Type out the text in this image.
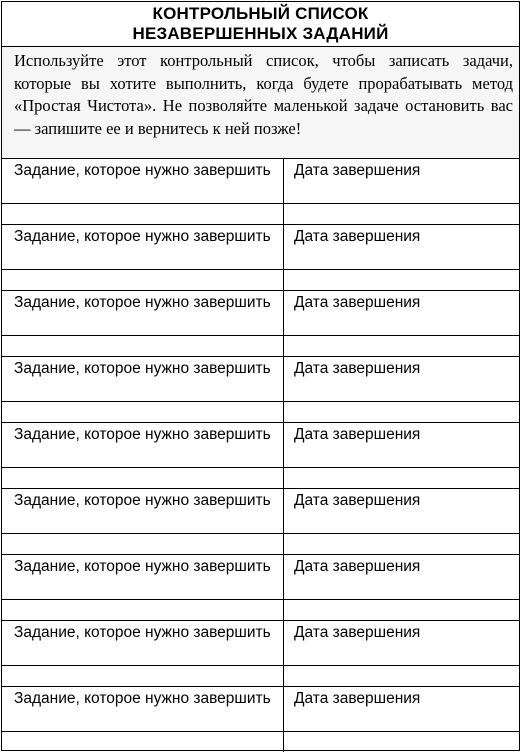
КОНТРОЛЬНЫЙ СПИСОК
НЕЗАВЕРШЕННЫХ ЗАДАНИЙ
Используйте этот контрольный список, чтобы записать задачи, которые вы хотите выполнить, когда будете прорабатывать метод «Простая Чистота». Не позволяйте маленькой задаче остановить вас — запишите ее и вернитесь к ней позже!
Задание, которое нужно завершить	Дата завершения
Задание, которое нужно завершить	Дата завершения
Задание, которое нужно завершить	Дата завершения
Задание, которое нужно завершить	Дата завершения
Задание, которое нужно завершить	Дата завершения
Задание, которое нужно завершить	Дата завершения
Задание, которое нужно завершить	Дата завершения
Задание, которое нужно завершить	Дата завершения
Задание, которое нужно завершить	Дата завершения
